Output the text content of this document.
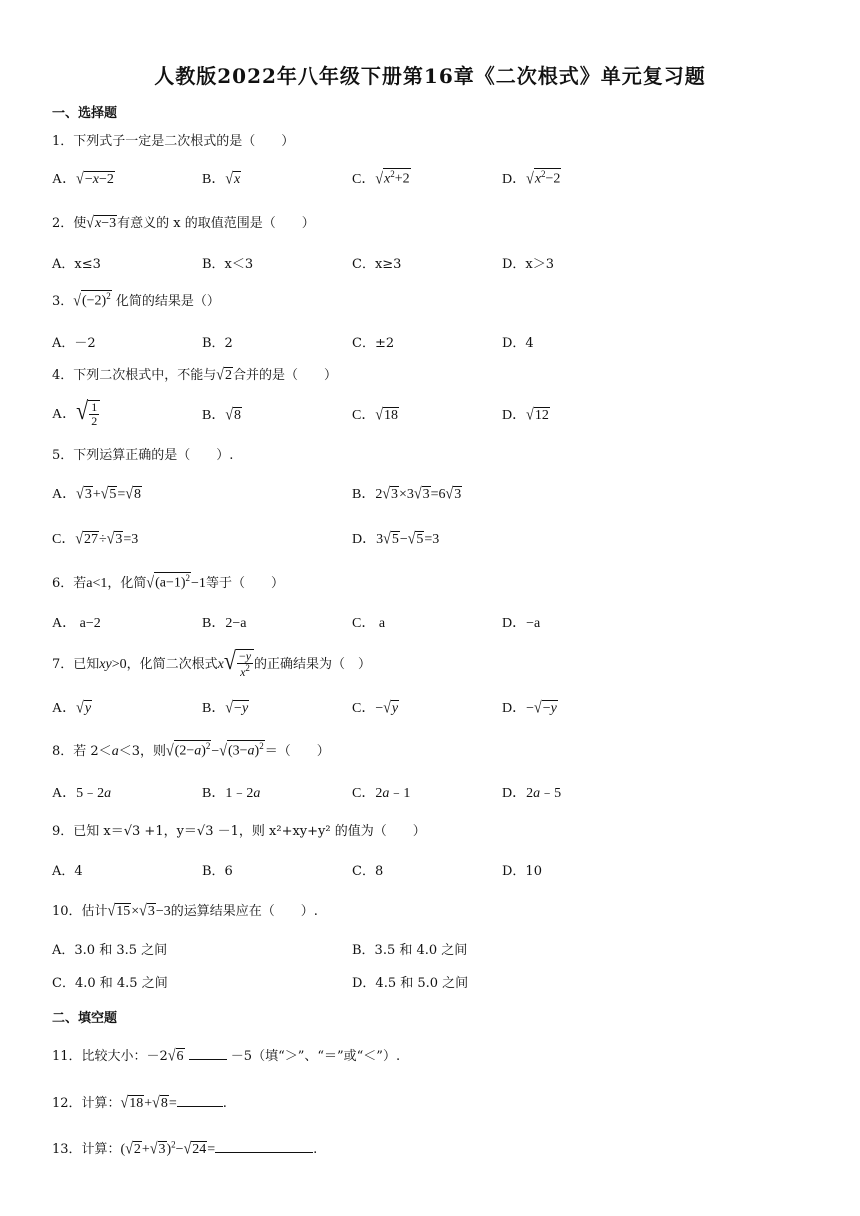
人教版2022年八年级下册第16章《二次根式》单元复习题
一、选择题
1．下列式子一定是二次根式的是（　　）
A．√−x−2	B．√x	C．$√x^2+2$	D．$√x^2-2$
2．使√x−3有意义的 x 的取值范围是（　　）
A．x≤3	B．x＜3	C．x≥3	D．x＞3
3．$√(-2)^2$ 化简的结果是（）
A．－2	B．2	C．±2	D．4
4．下列二次根式中，不能与√2合并的是（　　）
A．√ $\frac{1}{2}$	B．√8	C．√18	D．√12
5．下列运算正确的是（　　）.
A．√3+√5=√8	B．2√3×3√3=6√3
C．√27÷√3=3	D．3√5−√5=3
6．若a<1，化简$√(a-1)^2-1$等于（　　）
A． a−2	B．2−a	C． a	D．−a
7．已知xy>0，化简二次根式$x√ \frac{-y}{x^2}$ 的正确结果为（　）
A．√y	B．√−y	C．−√y	D．−√−y
8．若 2＜a＜3，则$√(2-a)^2-√(3-a)^2=$（　　）
A．5﹣2a	B．1﹣2a	C．2a﹣1	D．2a﹣5
9．已知 x＝√3 +1，y＝√3 －1，则 x²+xy+y² 的值为（　　）
A．4	B．6	C．8	D．10
10．估计√15×√3−3的运算结果应在（　　）.
A．3.0 和 3.5 之间	B．3.5 和 4.0 之间
C．4.0 和 4.5 之间	D．4.5 和 5.0 之间
二、填空题
11．比较大小：－2√6	－5（填“＞”、“＝”或“＜”）.
12．计算：√18+√8=	.
13．计算：$(√2+√3)^2-√24=$	.
